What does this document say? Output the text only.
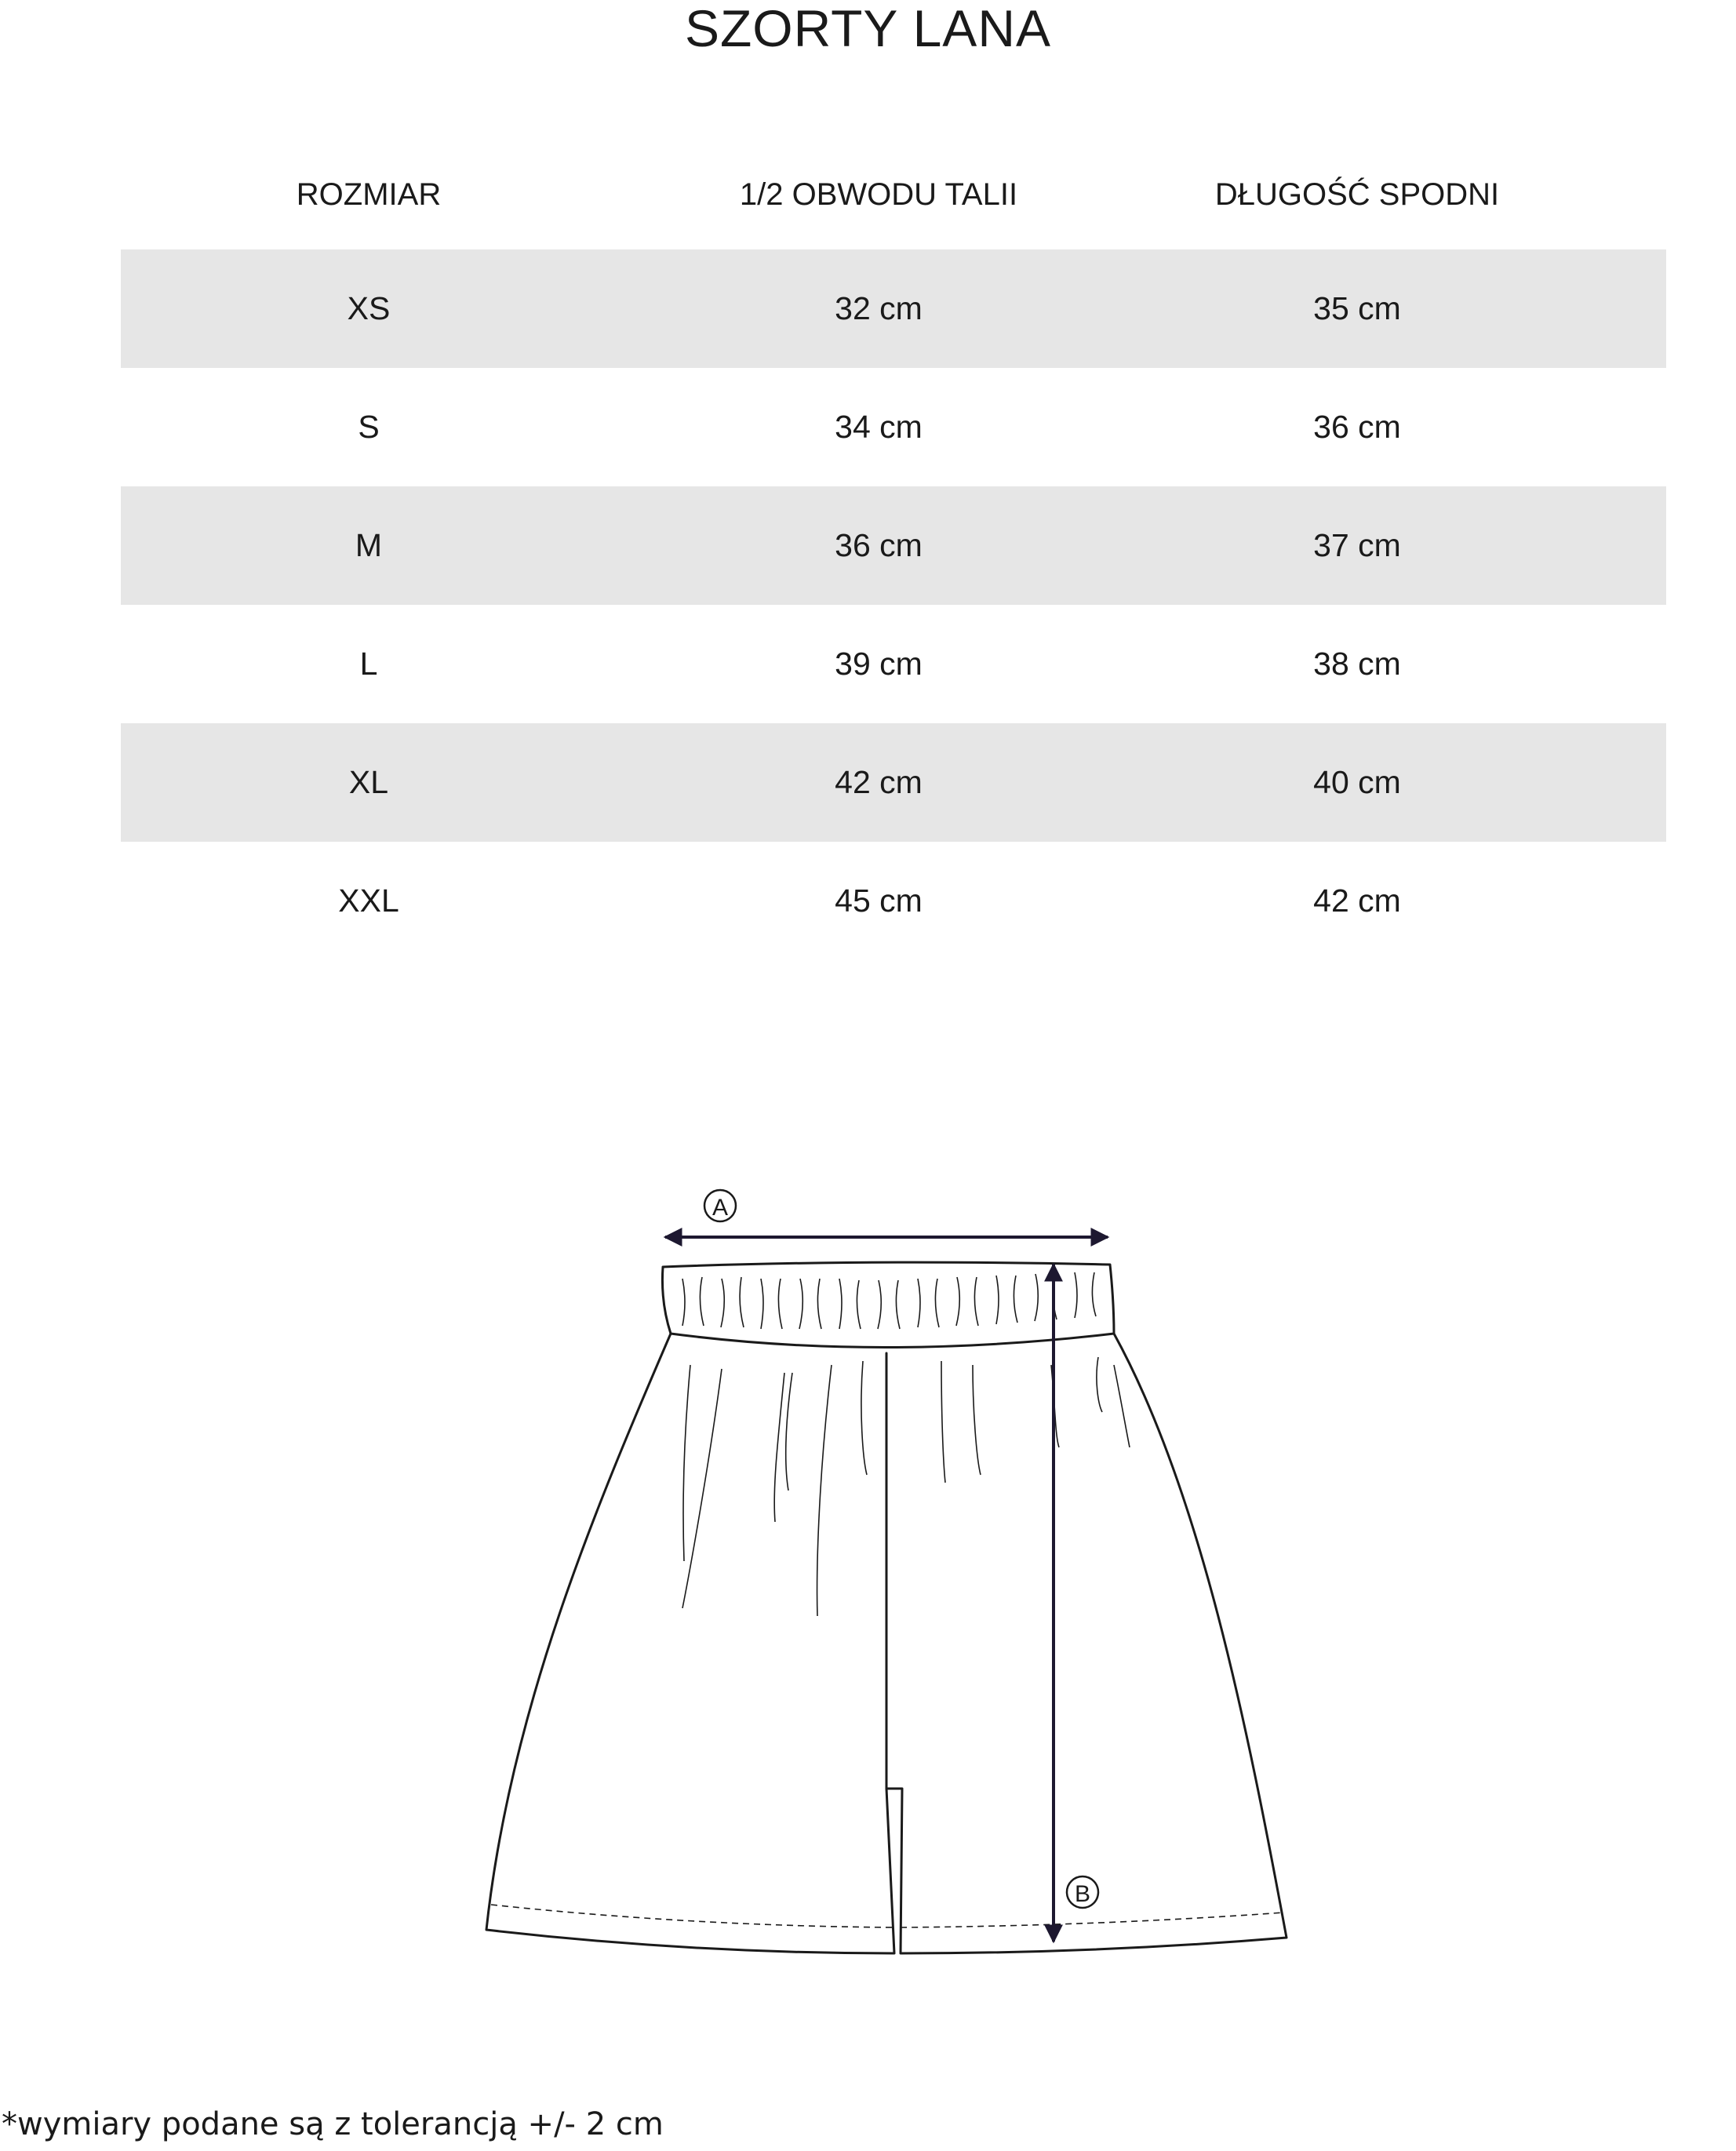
SZORTY LANA
ROZMIAR	1/2 OBWODU TALII	DŁUGOŚĆ SPODNI
XS	32 cm	35 cm
S	34 cm	36 cm
M	36 cm	37 cm
L	39 cm	38 cm
XL	42 cm	40 cm
XXL	45 cm	42 cm
A
B
*wymiary podane są z tolerancją +/- 2 cm
